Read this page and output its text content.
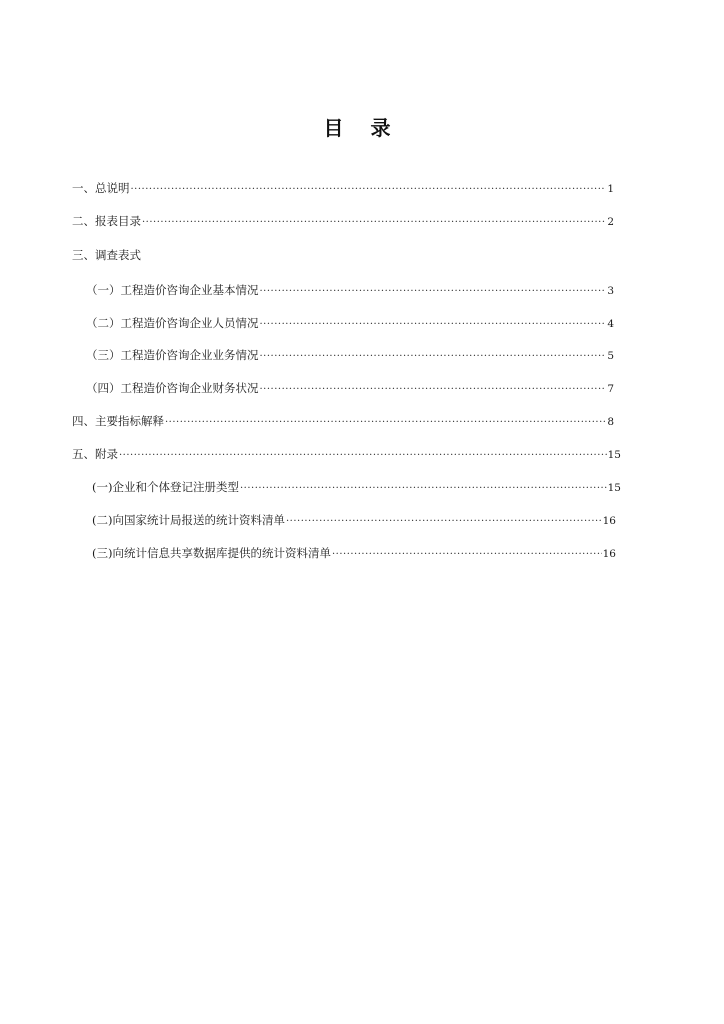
目 录
一、总说明 ·····	1
二、报表目录 ·····	2
三、调查表式
（一）工程造价咨询企业基本情况 ·····	3
（二）工程造价咨询企业人员情况 ·····	4
（三）工程造价咨询企业业务情况 ·····	5
（四）工程造价咨询企业财务状况 ·····	7
四、主要指标解释 ·····	8
五、附录 ·····	15
(一)企业和个体登记注册类型 ·····	15
(二)向国家统计局报送的统计资料清单 ·····	16
(三)向统计信息共享数据库提供的统计资料清单 ·····	16
